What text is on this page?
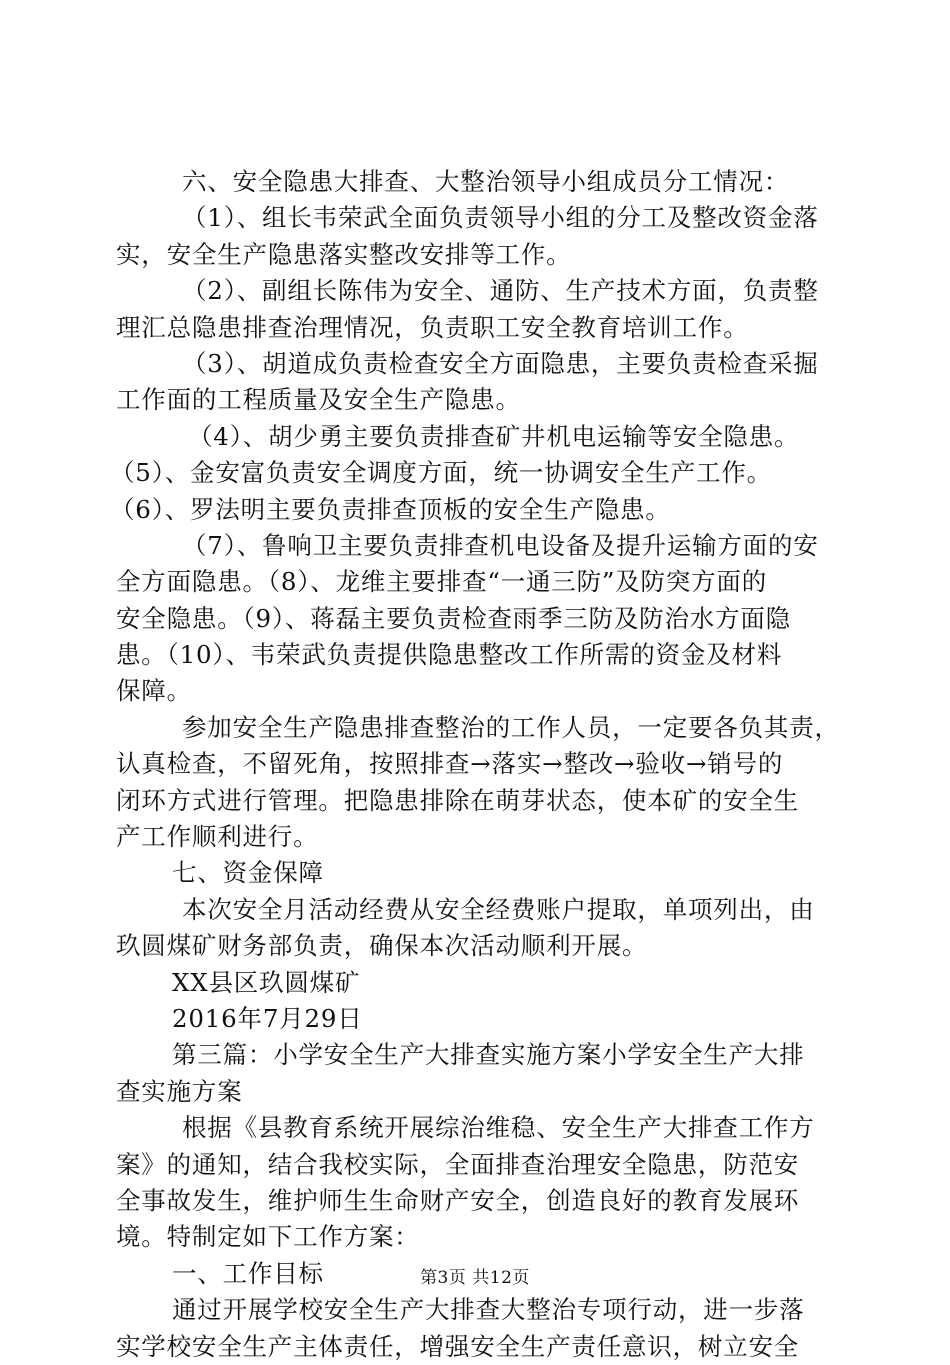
六、安全隐患大排查、大整治领导小组成员分工情况：
（1）、组长韦荣武全面负责领导小组的分工及整改资金落
实，安全生产隐患落实整改安排等工作。
（2）、副组长陈伟为安全、通防、生产技术方面，负责整
理汇总隐患排查治理情况，负责职工安全教育培训工作。
（3）、胡道成负责检查安全方面隐患，主要负责检查采掘
工作面的工程质量及安全生产隐患。
（4）、胡少勇主要负责排查矿井机电运输等安全隐患。
（5）、金安富负责安全调度方面，统一协调安全生产工作。
（6）、罗法明主要负责排查顶板的安全生产隐患。
（7）、鲁响卫主要负责排查机电设备及提升运输方面的安
全方面隐患。（8）、龙维主要排查“一通三防”及防突方面的
安全隐患。（9）、蒋磊主要负责检查雨季三防及防治水方面隐
患。（10）、韦荣武负责提供隐患整改工作所需的资金及材料
保障。
参加安全生产隐患排查整治的工作人员，一定要各负其责，
认真检查，不留死角，按照排查→落实→整改→验收→销号的
闭环方式进行管理。把隐患排除在萌芽状态，使本矿的安全生
产工作顺利进行。
七、资金保障
本次安全月活动经费从安全经费账户提取，单项列出，由
玖圆煤矿财务部负责，确保本次活动顺利开展。
XX县区玖圆煤矿
2016年7月29日
第三篇：小学安全生产大排查实施方案小学安全生产大排
查实施方案
根据《县教育系统开展综治维稳、安全生产大排查工作方
案》的通知，结合我校实际，全面排查治理安全隐患，防范安
全事故发生，维护师生生命财产安全，创造良好的教育发展环
境。特制定如下工作方案：
一、工作目标
通过开展学校安全生产大排查大整治专项行动，进一步落
实学校安全生产主体责任，增强安全生产责任意识，树立安全
第3页 共12页
